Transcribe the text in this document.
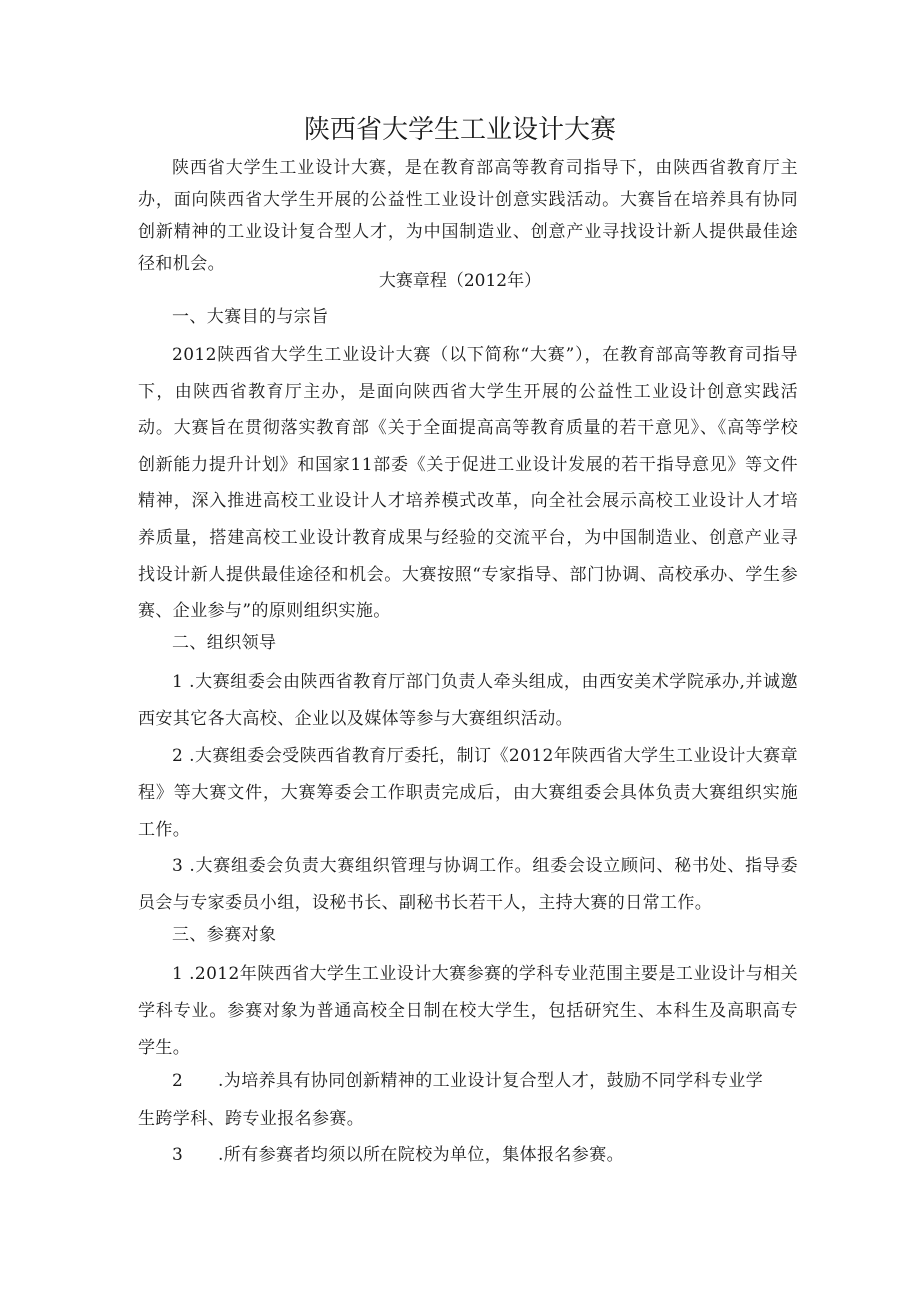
陕西省大学生工业设计大赛

陕西省大学生工业设计大赛，是在教育部高等教育司指导下，由陕西省教育厅主办，面向陕西省大学生开展的公益性工业设计创意实践活动。大赛旨在培养具有协同创新精神的工业设计复合型人才，为中国制造业、创意产业寻找设计新人提供最佳途径和机会。

大赛章程（2012年）
一、大赛目的与宗旨

2012陕西省大学生工业设计大赛（以下简称“大赛”），在教育部高等教育司指导下，由陕西省教育厅主办，是面向陕西省大学生开展的公益性工业设计创意实践活动。大赛旨在贯彻落实教育部《关于全面提高高等教育质量的若干意见》、《高等学校创新能力提升计划》和国家11部委《关于促进工业设计发展的若干指导意见》等文件精神，深入推进高校工业设计人才培养模式改革，向全社会展示高校工业设计人才培养质量，搭建高校工业设计教育成果与经验的交流平台，为中国制造业、创意产业寻找设计新人提供最佳途径和机会。大赛按照“专家指导、部门协调、高校承办、学生参赛、企业参与”的原则组织实施。

二、组织领导
1 .大赛组委会由陕西省教育厅部门负责人牵头组成，由西安美术学院承办,并诚邀西安其它各大高校、企业以及媒体等参与大赛组织活动。
2 .大赛组委会受陕西省教育厅委托，制订《2012年陕西省大学生工业设计大赛章程》等大赛文件，大赛筹委会工作职责完成后，由大赛组委会具体负责大赛组织实施工作。
3 .大赛组委会负责大赛组织管理与协调工作。组委会设立顾问、秘书处、指导委员会与专家委员小组，设秘书长、副秘书长若干人，主持大赛的日常工作。
三、参赛对象
1 .2012年陕西省大学生工业设计大赛参赛的学科专业范围主要是工业设计与相关学科专业。参赛对象为普通高校全日制在校大学生，包括研究生、本科生及高职高专学生。
2 .为培养具有协同创新精神的工业设计复合型人才，鼓励不同学科专业学
生跨学科、跨专业报名参赛。
3 .所有参赛者均须以所在院校为单位，集体报名参赛。
